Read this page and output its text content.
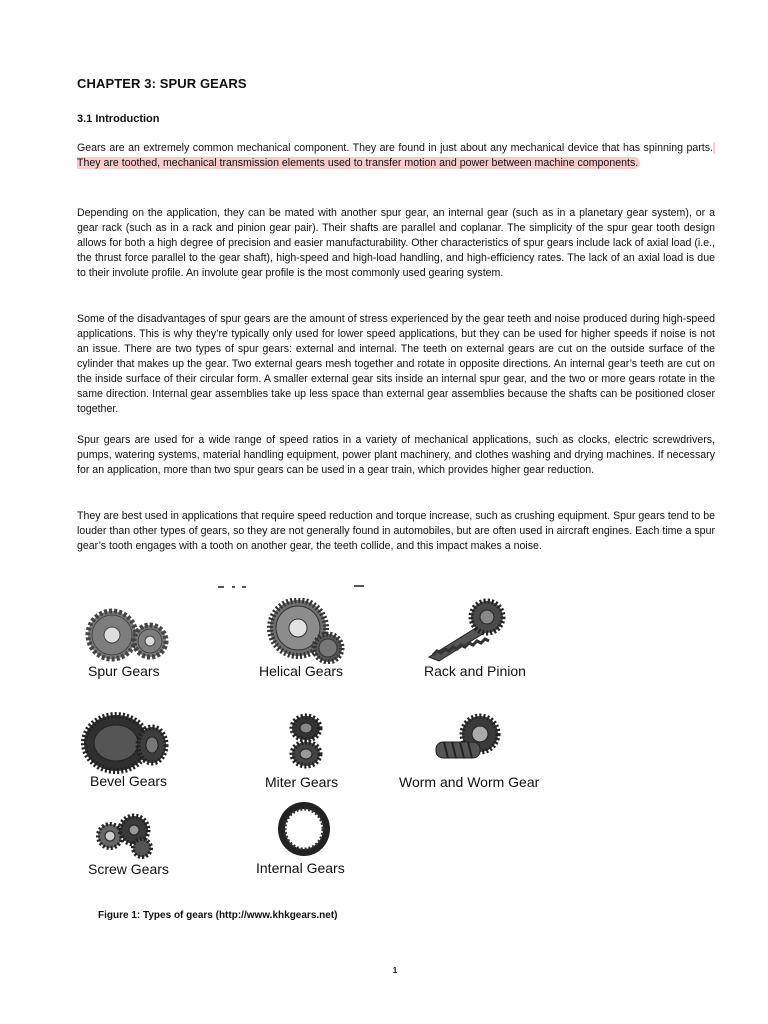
CHAPTER 3: SPUR GEARS
3.1 Introduction

Gears are an extremely common mechanical component. They are found in just about any mechanical device that has spinning parts. They are toothed, mechanical transmission elements used to transfer motion and power between machine components.

Depending on the application, they can be mated with another spur gear, an internal gear (such as in a planetary gear system), or a gear rack (such as in a rack and pinion gear pair). Their shafts are parallel and coplanar. The simplicity of the spur gear tooth design allows for both a high degree of precision and easier manufacturability. Other characteristics of spur gears include lack of axial load (i.e., the thrust force parallel to the gear shaft), high-speed and high-load handling, and high-efficiency rates. The lack of an axial load is due to their involute profile. An involute gear profile is the most commonly used gearing system.

Some of the disadvantages of spur gears are the amount of stress experienced by the gear teeth and noise produced during high-speed applications. This is why they’re typically only used for lower speed applications, but they can be used for higher speeds if noise is not an issue. There are two types of spur gears: external and internal. The teeth on external gears are cut on the outside surface of the cylinder that makes up the gear. Two external gears mesh together and rotate in opposite directions. An internal gear’s teeth are cut on the inside surface of their circular form. A smaller external gear sits inside an internal spur gear, and the two or more gears rotate in the same direction. Internal gear assemblies take up less space than external gear assemblies because the shafts can be positioned closer together.

Spur gears are used for a wide range of speed ratios in a variety of mechanical applications, such as clocks, electric screwdrivers, pumps, watering systems, material handling equipment, power plant machinery, and clothes washing and drying machines. If necessary for an application, more than two spur gears can be used in a gear train, which provides higher gear reduction.

They are best used in applications that require speed reduction and torque increase, such as crushing equipment. Spur gears tend to be louder than other types of gears, so they are not generally found in automobiles, but are often used in aircraft engines. Each time a spur gear’s tooth engages with a tooth on another gear, the teeth collide, and this impact makes a noise.

Spur Gears	Helical Gears	Rack and Pinion
Bevel Gears	Miter Gears	Worm and Worm Gear
Screw Gears	Internal Gears
Figure 1: Types of gears (http://www.khkgears.net)
1
